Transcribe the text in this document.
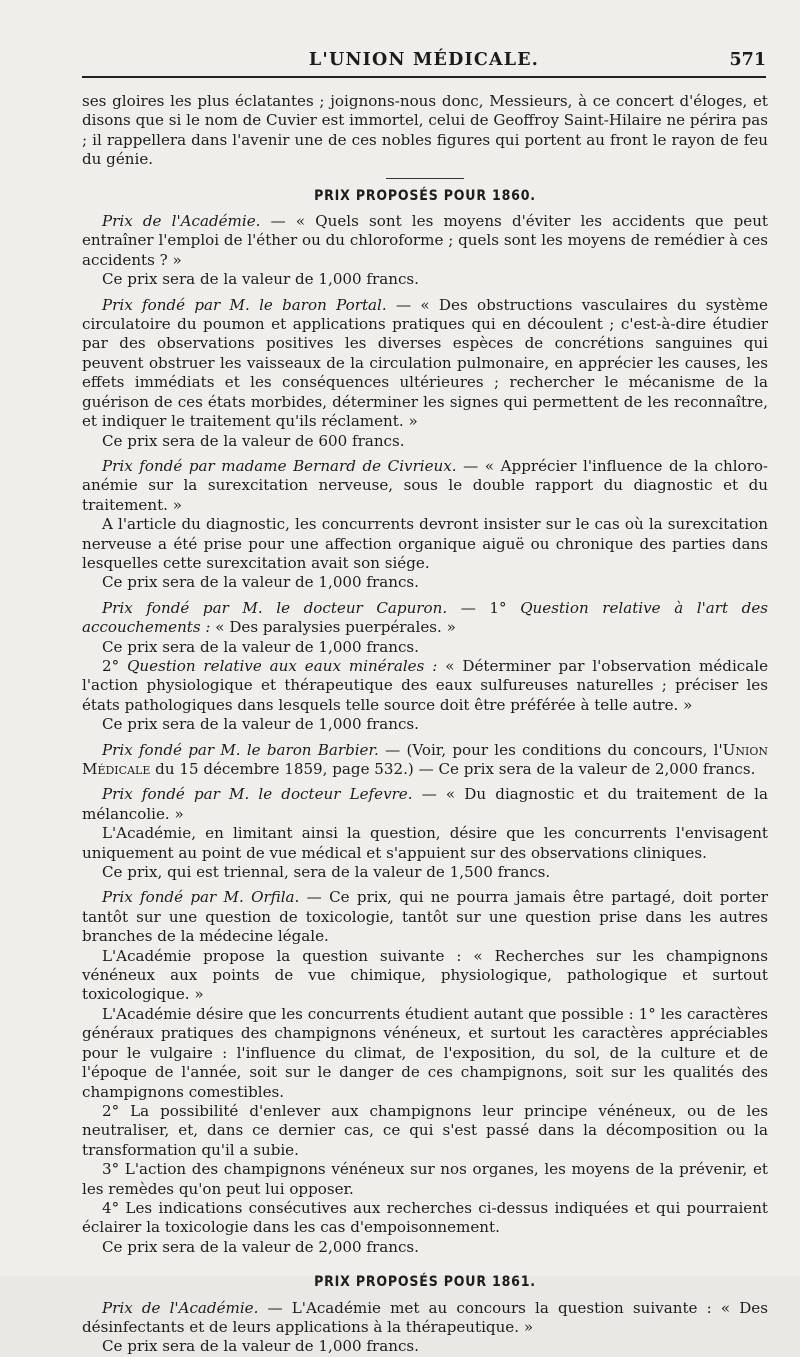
L'UNION MÉDICALE.	571

ses gloires les plus éclatantes ; joignons-nous donc, Messieurs, à ce concert d'éloges, et disons que si le nom de Cuvier est immortel, celui de Geoffroy Saint-Hilaire ne périra pas ; il rappellera dans l'avenir une de ces nobles figures qui portent au front le rayon de feu du génie.

PRIX PROPOSÉS POUR 1860.

Prix de l'Académie. — « Quels sont les moyens d'éviter les accidents que peut entraîner l'emploi de l'éther ou du chloroforme ; quels sont les moyens de remédier à ces accidents ? »

Ce prix sera de la valeur de 1,000 francs.

Prix fondé par M. le baron Portal. — « Des obstructions vasculaires du système circulatoire du poumon et applications pratiques qui en découlent ; c'est-à-dire étudier par des observations positives les diverses espèces de concrétions sanguines qui peuvent obstruer les vaisseaux de la circulation pulmonaire, en apprécier les causes, les effets immédiats et les conséquences ultérieures ; rechercher le mécanisme de la guérison de ces états morbides, déterminer les signes qui permettent de les reconnaître, et indiquer le traitement qu'ils réclament. »

Ce prix sera de la valeur de 600 francs.

Prix fondé par madame Bernard de Civrieux. — « Apprécier l'influence de la chloro-anémie sur la surexcitation nerveuse, sous le double rapport du diagnostic et du traitement. »

A l'article du diagnostic, les concurrents devront insister sur le cas où la surexcitation nerveuse a été prise pour une affection organique aiguë ou chronique des parties dans lesquelles cette surexcitation avait son siége.

Ce prix sera de la valeur de 1,000 francs.

Prix fondé par M. le docteur Capuron. — 1° Question relative à l'art des accouchements : « Des paralysies puerpérales. »

Ce prix sera de la valeur de 1,000 francs.

2° Question relative aux eaux minérales : « Déterminer par l'observation médicale l'action physiologique et thérapeutique des eaux sulfureuses naturelles ; préciser les états pathologiques dans lesquels telle source doit être préférée à telle autre. »

Ce prix sera de la valeur de 1,000 francs.

Prix fondé par M. le baron Barbier. — (Voir, pour les conditions du concours, l'Union Médicale du 15 décembre 1859, page 532.) — Ce prix sera de la valeur de 2,000 francs.

Prix fondé par M. le docteur Lefevre. — « Du diagnostic et du traitement de la mélancolie. »

L'Académie, en limitant ainsi la question, désire que les concurrents l'envisagent uniquement au point de vue médical et s'appuient sur des observations cliniques.

Ce prix, qui est triennal, sera de la valeur de 1,500 francs.

Prix fondé par M. Orfila. — Ce prix, qui ne pourra jamais être partagé, doit porter tantôt sur une question de toxicologie, tantôt sur une question prise dans les autres branches de la médecine légale.

L'Académie propose la question suivante : « Recherches sur les champignons vénéneux aux points de vue chimique, physiologique, pathologique et surtout toxicologique. »

L'Académie désire que les concurrents étudient autant que possible : 1° les caractères généraux pratiques des champignons vénéneux, et surtout les caractères appréciables pour le vulgaire : l'influence du climat, de l'exposition, du sol, de la culture et de l'époque de l'année, soit sur le danger de ces champignons, soit sur les qualités des champignons comestibles.

2° La possibilité d'enlever aux champignons leur principe vénéneux, ou de les neutraliser, et, dans ce dernier cas, ce qui s'est passé dans la décomposition ou la transformation qu'il a subie.

3° L'action des champignons vénéneux sur nos organes, les moyens de la prévenir, et les remèdes qu'on peut lui opposer.

4° Les indications consécutives aux recherches ci-dessus indiquées et qui pourraient éclairer la toxicologie dans les cas d'empoisonnement.

Ce prix sera de la valeur de 2,000 francs.

PRIX PROPOSÉS POUR 1861.

Prix de l'Académie. — L'Académie met au concours la question suivante : « Des désinfectants et de leurs applications à la thérapeutique. »

Ce prix sera de la valeur de 1,000 francs.
